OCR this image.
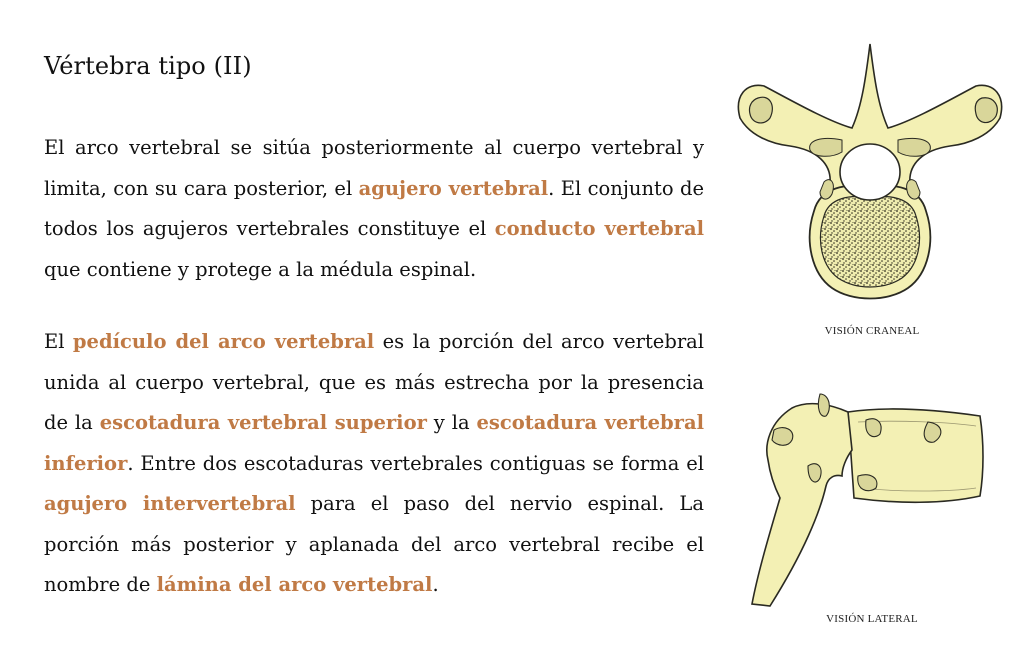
Vértebra tipo (II)

El arco vertebral se sitúa posteriormente al cuerpo vertebral y limita, con su cara posterior, el agujero vertebral. El conjunto de todos los agujeros vertebrales constituye el conducto vertebral que contiene y protege a la médula espinal.

El pedículo del arco vertebral es la porción del arco vertebral unida al cuerpo vertebral, que es más estrecha por la presencia de la escotadura vertebral superior y la escotadura vertebral inferior. Entre dos escotaduras vertebrales contiguas se forma el agujero intervertebral para el paso del nervio espinal. La porción más posterior y aplanada del arco vertebral recibe el nombre de lámina del arco vertebral.

VISIÓN CRANEAL
VISIÓN LATERAL
